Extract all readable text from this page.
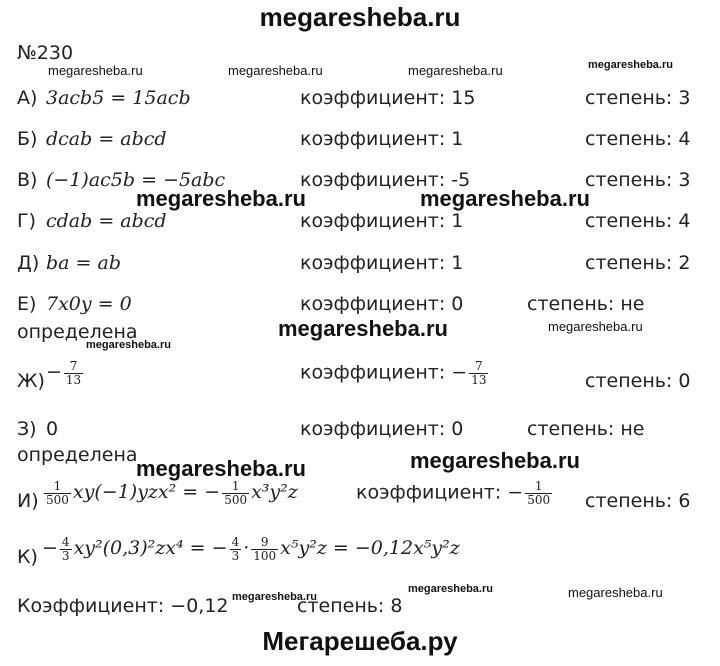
megaresheba.ru
№230
megaresheba.ru	megaresheba.ru	megaresheba.ru	megaresheba.ru
А) 3acb5 = 15acb	коэффициент: 15	степень: 3
Б) dcab = abcd	коэффициент: 1	степень: 4
В) (−1)ac5b = −5abc	коэффициент: -5	степень: 3
megaresheba.ru	megaresheba.ru
Г) cdab = abcd	коэффициент: 1	степень: 4
Д) ba = ab	коэффициент: 1	степень: 2
Е) 7x0y = 0	коэффициент: 0	степень: не
определена	megaresheba.ru	megaresheba.ru
megaresheba.ru
$Ж) - \frac{7}{13}$	коэффициент: − $\frac{7}{13}$	степень: 0
З) 0	коэффициент: 0	степень: не
определена
megaresheba.ru	megaresheba.ru
$И) \frac{1}{500} xy(-1)yzx^2$ = − $\frac{1}{500} x^3y^2z$	коэффициент: − $\frac{1}{500}$ степень: 6
$К) - \frac{4}{3} xy^2(0,3)^2zx^4$ = − $\frac{4}{3} \cdot \frac{9}{100} x^5y^2z = -0,12x^5y^2z$
megaresheba.ru	megaresheba.ru
megaresheba.ru
Коэффициент: −0,12	степень: 8
Мегарешеба.ру
